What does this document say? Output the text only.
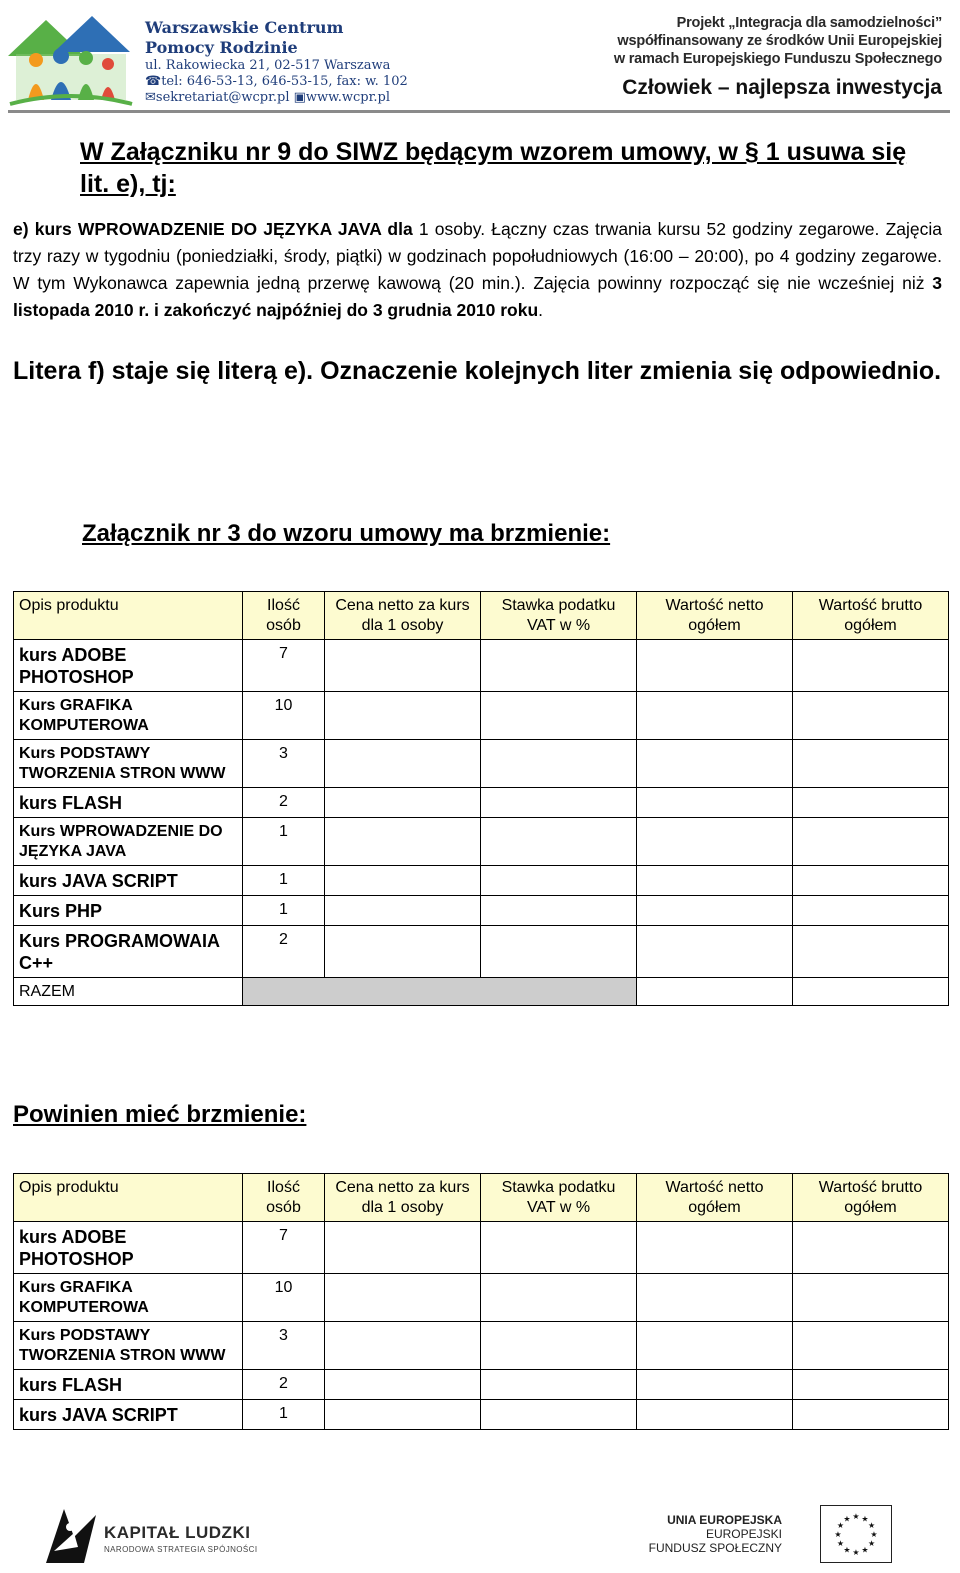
Warszawskie Centrum
Pomocy Rodzinie
ul. Rakowiecka 21, 02-517 Warszawa
☎tel: 646-53-13, 646-53-15, fax: w. 102
✉sekretariat@wcpr.pl ▣www.wcpr.pl
Projekt „Integracja dla samodzielności”
współfinansowany ze środków Unii Europejskiej
w ramach Europejskiego Funduszu Społecznego
Człowiek – najlepsza inwestycja
W Załączniku nr 9 do SIWZ będącym wzorem umowy, w § 1 usuwa się lit. e), tj:
e) kurs WPROWADZENIE DO JĘZYKA JAVA dla 1 osoby. Łączny czas trwania kursu 52 godziny zegarowe. Zajęcia trzy razy w tygodniu (poniedziałki, środy, piątki) w godzinach popołudniowych (16:00 – 20:00), po 4 godziny zegarowe. W tym Wykonawca zapewnia jedną przerwę kawową (20 min.). Zajęcia powinny rozpocząć się nie wcześniej niż 3 listopada 2010 r. i zakończyć najpóźniej do 3 grudnia 2010 roku.
Litera f) staje się literą e). Oznaczenie kolejnych liter zmienia się odpowiednio.
Załącznik nr 3 do wzoru umowy ma brzmienie:
Opis produktu	Ilość osób	Cena netto za kurs dla 1 osoby	Stawka podatku VAT w %	Wartość netto ogółem	Wartość brutto ogółem
kurs ADOBE PHOTOSHOP	7				
Kurs GRAFIKA KOMPUTEROWA	10				
Kurs PODSTAWY TWORZENIA STRON WWW	3				
kurs FLASH	2				
Kurs WPROWADZENIE DO JĘZYKA JAVA	1				
kurs JAVA SCRIPT	1				
Kurs PHP	1				
Kurs PROGRAMOWAIA C++	2				
RAZEM					
Powinien mieć brzmienie:
Opis produktu	Ilość osób	Cena netto za kurs dla 1 osoby	Stawka podatku VAT w %	Wartość netto ogółem	Wartość brutto ogółem
kurs ADOBE PHOTOSHOP	7				
Kurs GRAFIKA KOMPUTEROWA	10				
Kurs PODSTAWY TWORZENIA STRON WWW	3				
kurs FLASH	2				
kurs JAVA SCRIPT	1				
KAPITAŁ LUDZKI
NARODOWA STRATEGIA SPÓJNOŚCI
UNIA EUROPEJSKA
EUROPEJSKI
FUNDUSZ SPOŁECZNY
★
★
★
★
★
★
★
★
★ ★ ★
★
